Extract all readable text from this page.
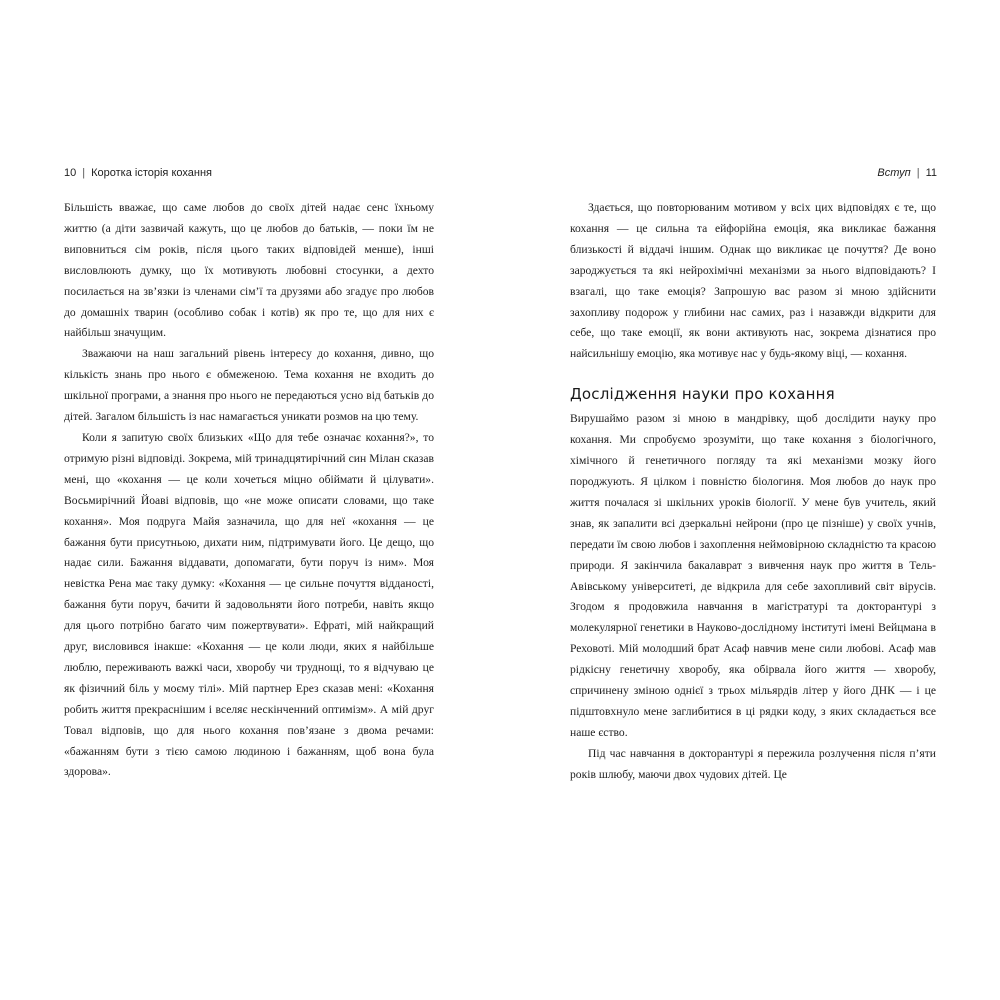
10 | Коротка історія кохання

Більшість вважає, що саме любов до своїх дітей надає сенс їхньому життю (а діти зазвичай кажуть, що це любов до батьків, — поки їм не виповниться сім років, після цього таких відповідей менше), інші висловлюють думку, що їх мотивують любовні стосунки, а дехто посилається на зв’язки із членами сім’ї та друзями або згадує про любов до домашніх тварин (особливо собак і котів) як про те, що для них є найбільш значущим.

Зважаючи на наш загальний рівень інтересу до кохання, дивно, що кількість знань про нього є обмеженою. Тема кохання не входить до шкільної програми, а знання про нього не передаються усно від батьків до дітей. Загалом більшість із нас намагається уникати розмов на цю тему.

Коли я запитую своїх близьких «Що для тебе означає кохання?», то отримую різні відповіді. Зокрема, мій тринадцятирічний син Мілан сказав мені, що «кохання — це коли хочеться міцно обіймати й цілувати». Восьмирічний Йоаві відповів, що «не може описати словами, що таке кохання». Моя подруга Майя зазначила, що для неї «кохання — це бажання бути присутньою, дихати ним, підтримувати його. Це дещо, що надає сили. Бажання віддавати, допомагати, бути поруч із ним». Моя невістка Рена має таку думку: «Кохання — це сильне почуття відданості, бажання бути поруч, бачити й задовольняти його потреби, навіть якщо для цього потрібно багато чим пожертвувати». Ефраті, мій найкращий друг, висловився інакше: «Кохання — це коли люди, яких я найбільше люблю, переживають важкі часи, хворобу чи труднощі, то я відчуваю це як фізичний біль у моєму тілі». Мій партнер Ерез сказав мені: «Кохання робить життя прекраснішим і вселяє нескінченний оптимізм». А мій друг Товал відповів, що для нього кохання пов’язане з двома речами: «бажанням бути з тією самою людиною і бажанням, щоб вона була здорова».

Вступ | 11

Здається, що повторюваним мотивом у всіх цих відповідях є те, що кохання — це сильна та ейфорійна емоція, яка викликає бажання близькості й віддачі іншим. Однак що викликає це почуття? Де воно зароджується та які нейрохімічні механізми за нього відповідають? І взагалі, що таке емоція? Запрошую вас разом зі мною здійснити захопливу подорож у глибини нас самих, раз і назавжди відкрити для себе, що таке емоції, як вони активують нас, зокрема дізнатися про найсильнішу емоцію, яка мотивує нас у будь-якому віці, — кохання.

Дослідження науки про кохання

Вирушаймо разом зі мною в мандрівку, щоб дослідити науку про кохання. Ми спробуємо зрозуміти, що таке кохання з біологічного, хімічного й генетичного погляду та які механізми мозку його породжують. Я цілком і повністю біологиня. Моя любов до наук про життя почалася зі шкільних уроків біології. У мене був учитель, який знав, як запалити всі дзеркальні нейрони (про це пізніше) у своїх учнів, передати їм свою любов і захоплення неймовірною складністю та красою природи. Я закінчила бакалаврат з вивчення наук про життя в Тель-Авівському університеті, де відкрила для себе захопливий світ вірусів. Згодом я продовжила навчання в магістратурі та докторантурі з молекулярної генетики в Науково-дослідному інституті імені Вейцмана в Реховоті. Мій молодший брат Асаф навчив мене сили любові. Асаф мав рідкісну генетичну хворобу, яка обірвала його життя — хворобу, спричинену зміною однієї з трьох мільярдів літер у його ДНК — і це підштовхнуло мене заглибитися в ці рядки коду, з яких складається все наше єство.

Під час навчання в докторантурі я пережила розлучення після п’яти років шлюбу, маючи двох чудових дітей. Це
